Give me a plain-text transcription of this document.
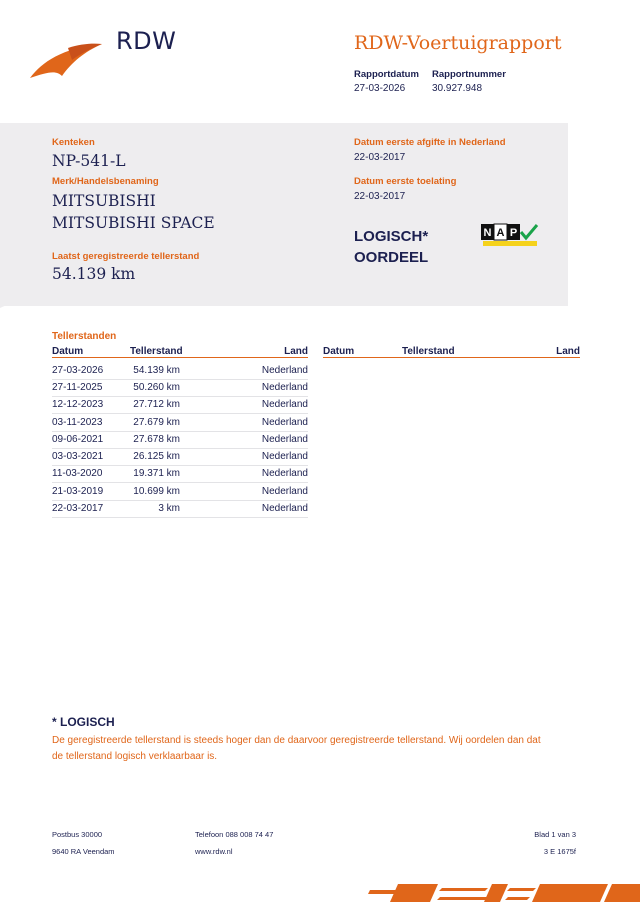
RDW	RDW-Voertuigrapport
Rapportdatum
27-03-2026
Rapportnummer
30.927.948
Kenteken
NP-541-L
Merk/Handelsbenaming
MITSUBISHI
MITSUBISHI SPACE
Laatst geregistreerde tellerstand
54.139 km
Datum eerste afgifte in Nederland
22-03-2017
Datum eerste toelating
22-03-2017
LOGISCH*
OORDEEL
N A P
Tellerstanden
Datum	Tellerstand	Land Datum	Tellerstand	Land
27-03-2026	54.139 km	Nederland
27-11-2025	50.260 km	Nederland
12-12-2023	27.712 km	Nederland
03-11-2023	27.679 km	Nederland
09-06-2021	27.678 km	Nederland
03-03-2021	26.125 km	Nederland
11-03-2020	19.371 km	Nederland
21-03-2019	10.699 km	Nederland
22-03-2017	3 km	Nederland
* LOGISCH
De geregistreerde tellerstand is steeds hoger dan de daarvoor geregistreerde tellerstand. Wij oordelen dan dat de tellerstand logisch verklaarbaar is.
Postbus 30000
9640 RA Veendam
Telefoon 088 008 74 47
www.rdw.nl
Blad 1 van 3
3 E 1675f
